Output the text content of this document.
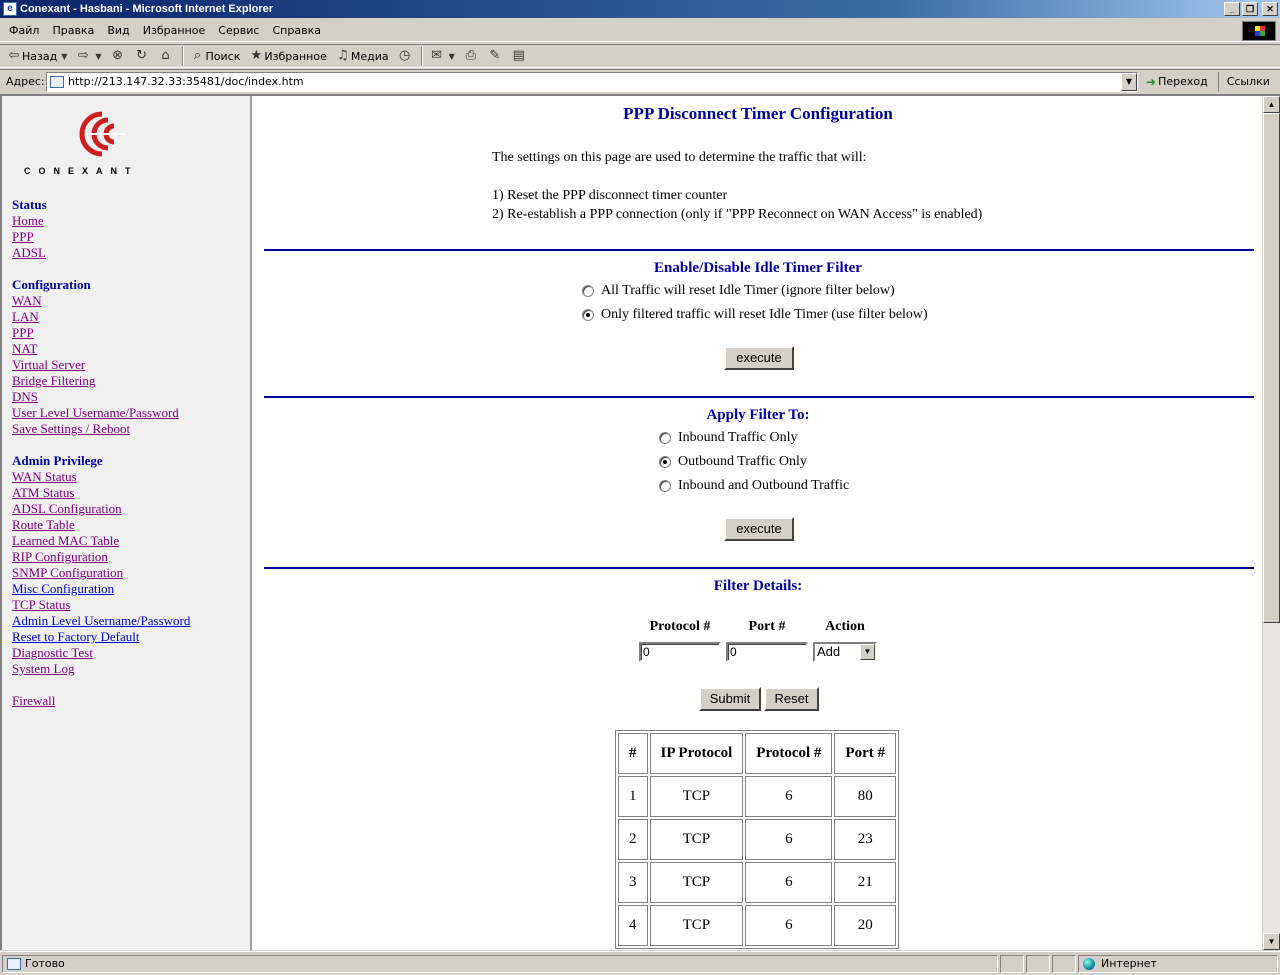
e Conexant - Hasbani - Microsoft Internet Explorer	_	❐	✕
Файл Правка Вид Избранное Сервис Справка
⇦ Назад ▼ ⇨ ▼ ⊗ ↻ ⌂	⌕ Поиск ★ Избранное ♫ Медиа ◷ ✉ ▼ ⎙ ✎ ▤
Адрес: http://213.147.32.33:35481/doc/index.htm	▼	➜ Переход	Ссылки
CONEXANT
Status
Home
PPP
ADSL
Configuration
WAN
LAN
PPP
NAT
Virtual Server
Bridge Filtering
DNS
User Level Username/Password
Save Settings / Reboot
Admin Privilege
WAN Status
ATM Status
ADSL Configuration
Route Table
Learned MAC Table
RIP Configuration
SNMP Configuration
Misc Configuration
TCP Status
Admin Level Username/Password
Reset to Factory Default
Diagnostic Test
System Log
Firewall
PPP Disconnect Timer Configuration

The settings on this page are used to determine the traffic that will:

1) Reset the PPP disconnect timer counter

2) Re-establish a PPP connection (only if "PPP Reconnect on WAN Access" is enabled)

Enable/Disable Idle Timer Filter
All Traffic will reset Idle Timer (ignore filter below)
Only filtered traffic will reset Idle Timer (use filter below)
execute
Apply Filter To:
Inbound Traffic Only
Outbound Traffic Only
Inbound and Outbound Traffic
execute
Filter Details:
Protocol #	Port #	Action
0	0	Add	▼
Submit	Reset
#	IP Protocol	Protocol #	Port #
1	TCP	6	80
2	TCP	6	23
3	TCP	6	21
4	TCP	6	20
▲
▼
Готово	Интернет
